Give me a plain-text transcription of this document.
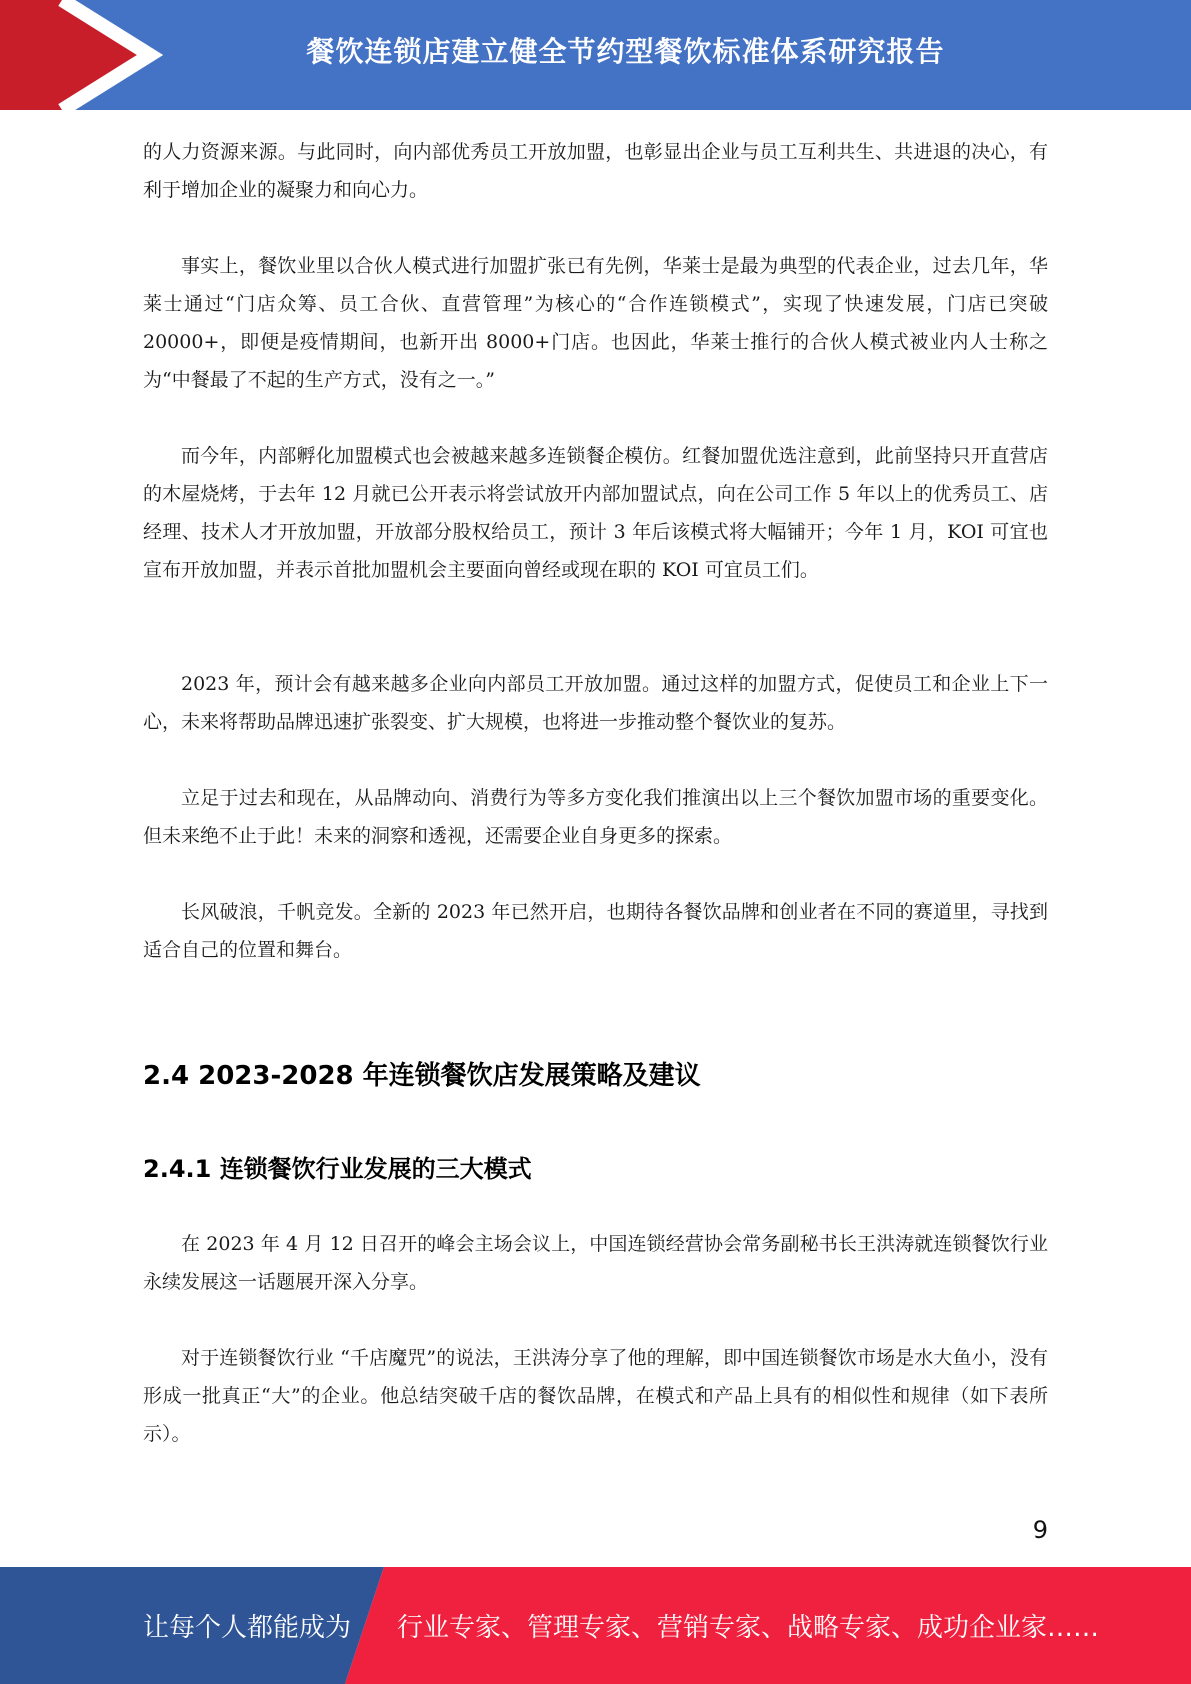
餐饮连锁店建立健全节约型餐饮标准体系研究报告

的人力资源来源。与此同时，向内部优秀员工开放加盟，也彰显出企业与员工互利共生、共进退的决心，有利于增加企业的凝聚力和向心力。

事实上，餐饮业里以合伙人模式进行加盟扩张已有先例，华莱士是最为典型的代表企业，过去几年，华莱士通过“门店众筹、员工合伙、直营管理”为核心的“合作连锁模式”，实现了快速发展，门店已突破 20000+，即便是疫情期间，也新开出 8000+门店。也因此，华莱士推行的合伙人模式被业内人士称之为“中餐最了不起的生产方式，没有之一。”

而今年，内部孵化加盟模式也会被越来越多连锁餐企模仿。红餐加盟优选注意到，此前坚持只开直营店的木屋烧烤，于去年 12 月就已公开表示将尝试放开内部加盟试点，向在公司工作 5 年以上的优秀员工、店经理、技术人才开放加盟，开放部分股权给员工，预计 3 年后该模式将大幅铺开；今年 1 月，KOI 可宜也宣布开放加盟，并表示首批加盟机会主要面向曾经或现在职的 KOI 可宜员工们。

2023 年，预计会有越来越多企业向内部员工开放加盟。通过这样的加盟方式，促使员工和企业上下一心，未来将帮助品牌迅速扩张裂变、扩大规模，也将进一步推动整个餐饮业的复苏。

立足于过去和现在，从品牌动向、消费行为等多方变化我们推演出以上三个餐饮加盟市场的重要变化。但未来绝不止于此！未来的洞察和透视，还需要企业自身更多的探索。

长风破浪，千帆竞发。全新的 2023 年已然开启，也期待各餐饮品牌和创业者在不同的赛道里，寻找到适合自己的位置和舞台。

2.4 2023-2028 年连锁餐饮店发展策略及建议
2.4.1 连锁餐饮行业发展的三大模式

在 2023 年 4 月 12 日召开的峰会主场会议上，中国连锁经营协会常务副秘书长王洪涛就连锁餐饮行业永续发展这一话题展开深入分享。

对于连锁餐饮行业 “千店魔咒”的说法，王洪涛分享了他的理解，即中国连锁餐饮市场是水大鱼小，没有形成一批真正“大”的企业。他总结突破千店的餐饮品牌，在模式和产品上具有的相似性和规律（如下表所示）。

9
让每个人都能成为 行业专家、管理专家、营销专家、战略专家、成功企业家……
